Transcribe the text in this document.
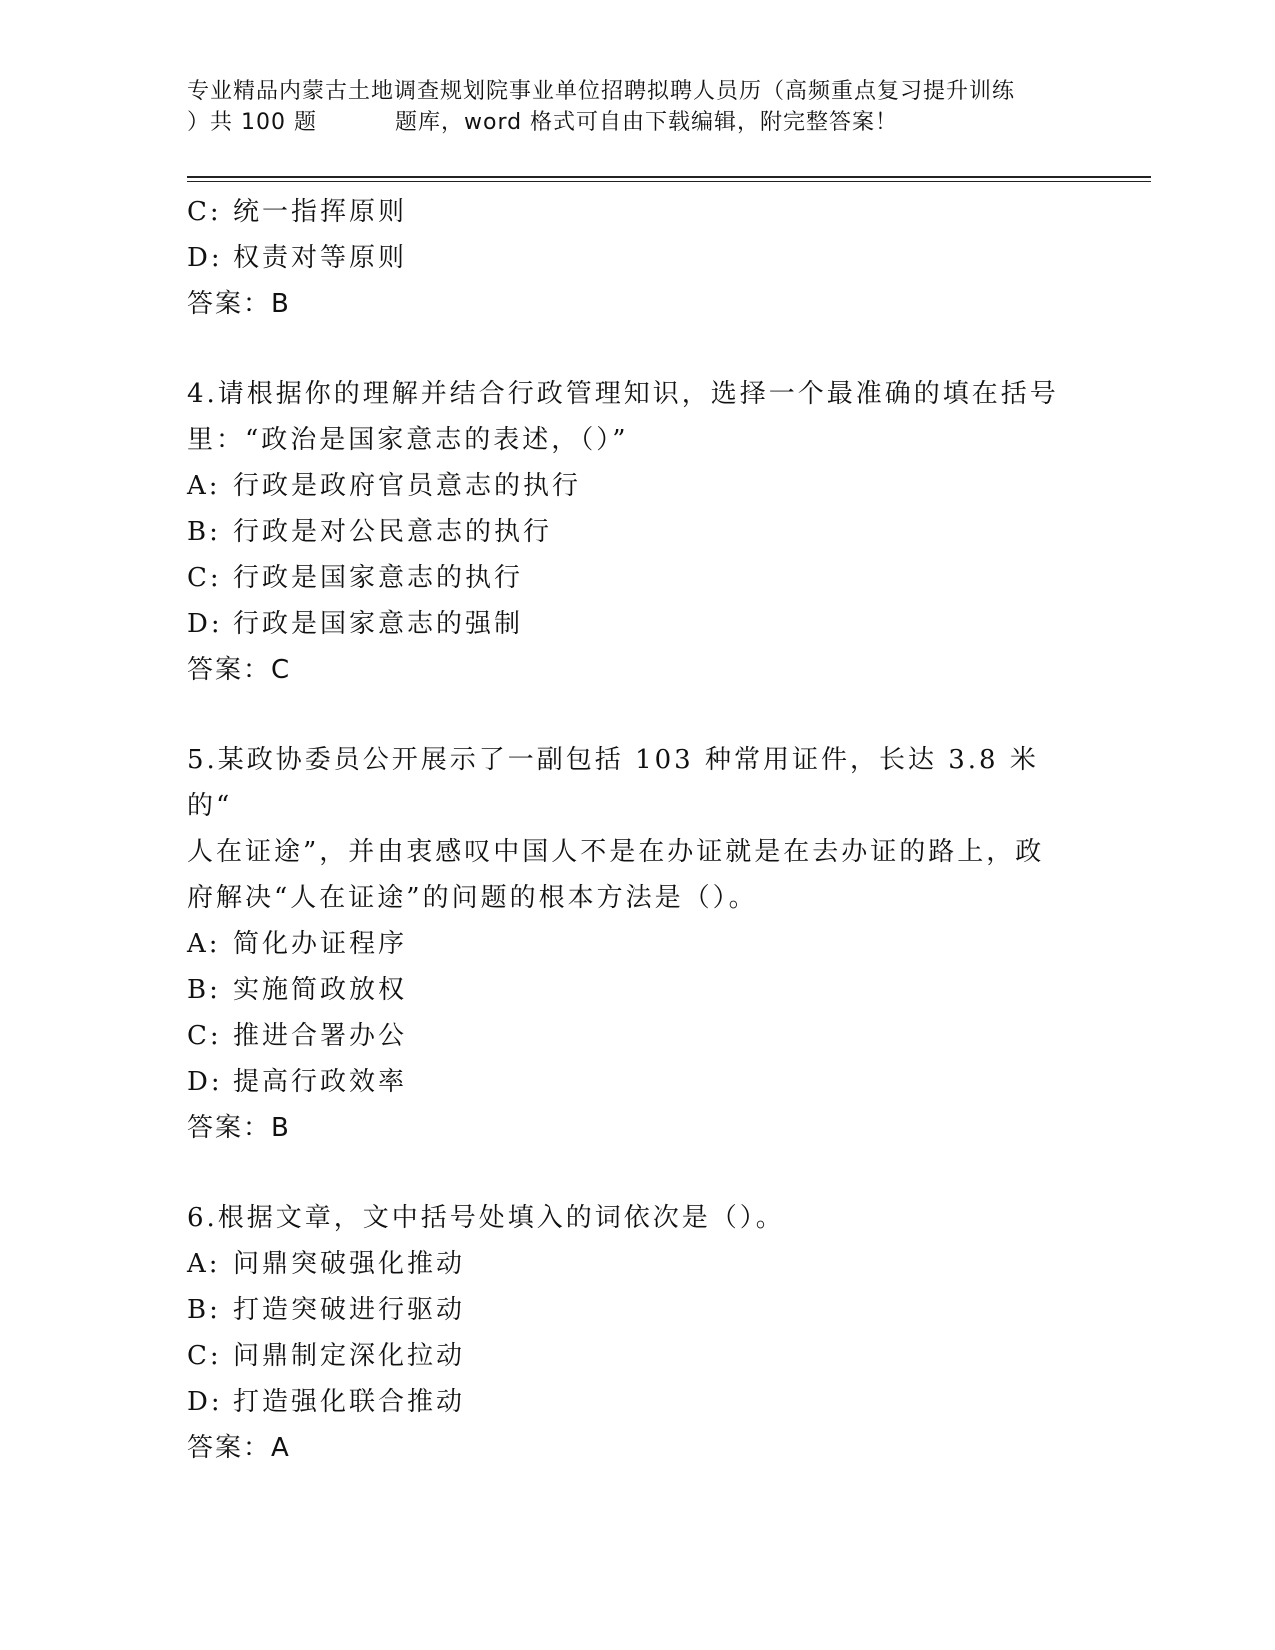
专业精品内蒙古土地调查规划院事业单位招聘拟聘人员历（高频重点复习提升训练
）共 100 题	题库，word 格式可自由下载编辑，附完整答案！
C: 统一指挥原则
D: 权责对等原则
答案：B
4.请根据你的理解并结合行政管理知识，选择一个最准确的填在括号
里：“政治是国家意志的表述，（）”
A: 行政是政府官员意志的执行
B: 行政是对公民意志的执行
C: 行政是国家意志的执行
D: 行政是国家意志的强制
答案：C
5.某政协委员公开展示了一副包括 103 种常用证件，长达 3.8 米的“
人在证途”，并由衷感叹中国人不是在办证就是在去办证的路上，政
府解决“人在证途”的问题的根本方法是（）。
A: 简化办证程序
B: 实施简政放权
C: 推进合署办公
D: 提高行政效率
答案：B
6.根据文章，文中括号处填入的词依次是（）。
A: 问鼎突破强化推动
B: 打造突破进行驱动
C: 问鼎制定深化拉动
D: 打造强化联合推动
答案：A
